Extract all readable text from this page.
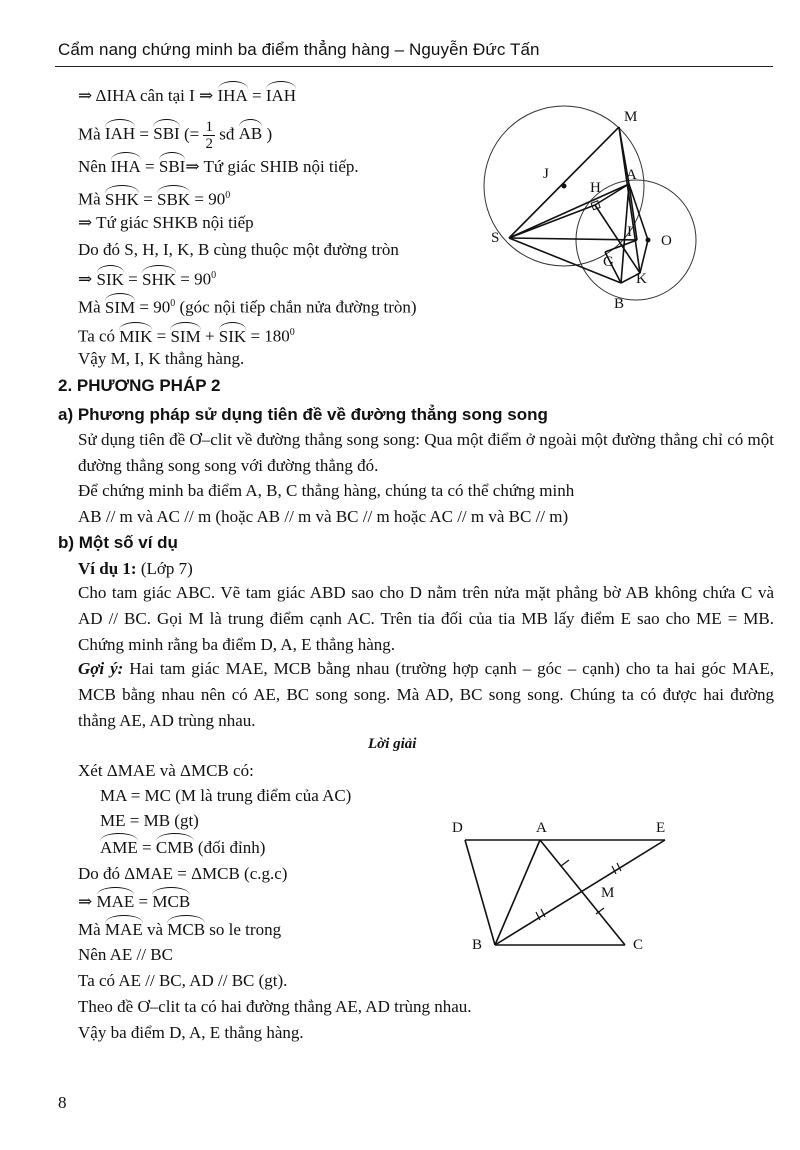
Cẩm nang chứng minh ba điểm thẳng hàng – Nguyễn Đức Tấn
⇒ ΔIHA cân tại I ⇒ IHA = IAH
Mà IAH = SBI (= $\frac{1}{2}$ sđ AB )
Nên IHA = SBI⇒ Tứ giác SHIB nội tiếp.
Mà SHK = SBK = $90^0$
⇒ Tứ giác SHKB nội tiếp
Do đó S, H, I, K, B cùng thuộc một đường tròn
⇒ SIK = SHK = $90^0$
Mà SIM = $90^0$ (góc nội tiếp chắn nửa đường tròn)
Ta có MIK = SIM + SIK = $180^0$
Vậy M, I, K thẳng hàng.
M
J
H
A
S	I
O
G
K
B
2. PHƯƠNG PHÁP 2
a) Phương pháp sử dụng tiên đề về đường thẳng song song
Sử dụng tiên đề Ơ–clit về đường thẳng song song: Qua một điểm ở ngoài một đường thẳng chỉ có một đường thẳng song song với đường thẳng đó.
Để chứng minh ba điểm A, B, C thẳng hàng, chúng ta có thể chứng minh
AB // m và AC // m (hoặc AB // m và BC // m hoặc AC // m và BC // m)
b) Một số ví dụ
Ví dụ 1: (Lớp 7)
Cho tam giác ABC. Vẽ tam giác ABD sao cho D nằm trên nửa mặt phẳng bờ AB không chứa C và AD // BC. Gọi M là trung điểm cạnh AC. Trên tia đối của tia MB lấy điểm E sao cho ME = MB. Chứng minh rằng ba điểm D, A, E thẳng hàng.
Gợi ý: Hai tam giác MAE, MCB bằng nhau (trường hợp cạnh – góc – cạnh) cho ta hai góc MAE, MCB bằng nhau nên có AE, BC song song. Mà AD, BC song song. Chúng ta có được hai đường thẳng AE, AD trùng nhau.
Lời giải
Xét ΔMAE và ΔMCB có:
MA = MC (M là trung điểm của AC)
ME = MB (gt)
AME = CMB (đối đỉnh)
Do đó ΔMAE = ΔMCB (c.g.c)
⇒ MAE = MCB
Mà MAE và MCB so le trong
Nên AE // BC
Ta có AE // BC, AD // BC (gt).
Theo đề Ơ–clit ta có hai đường thẳng AE, AD trùng nhau.
Vậy ba điểm D, A, E thẳng hàng.
D	A	E
M
B	C
8
